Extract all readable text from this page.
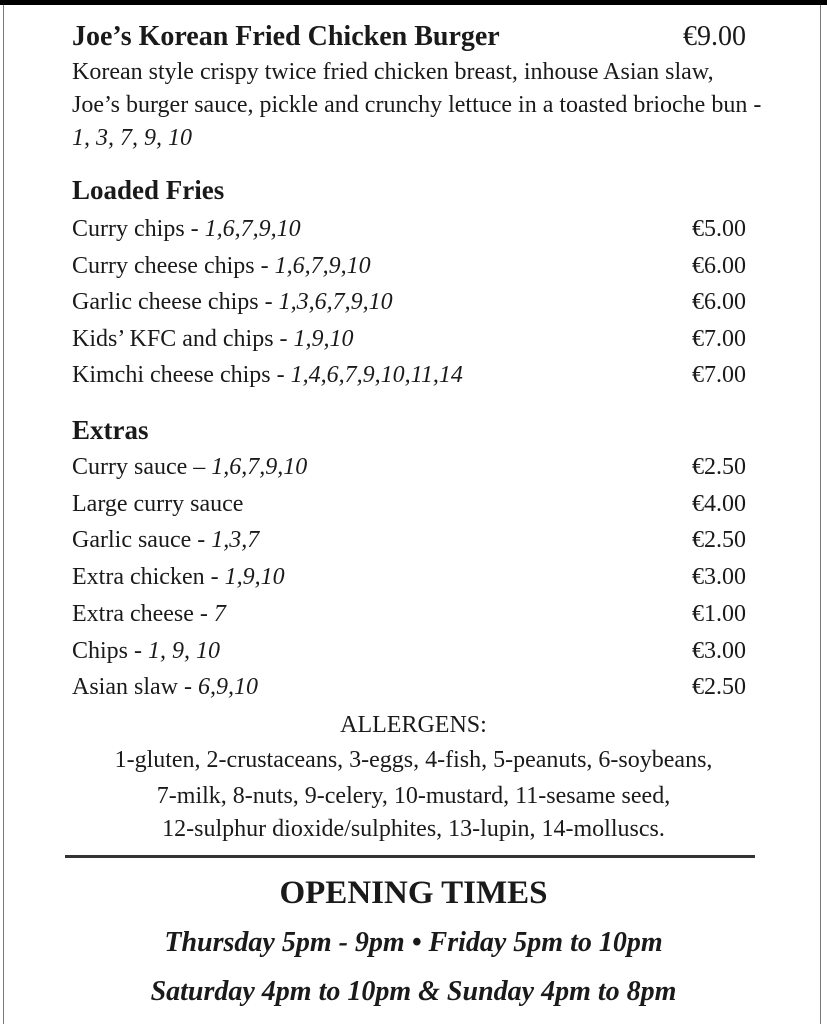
Joe’s Korean Fried Chicken Burger	€9.00
Korean style crispy twice fried chicken breast, inhouse Asian slaw, Joe’s burger sauce, pickle and crunchy lettuce in a toasted brioche bun - 1, 3, 7, 9, 10
Loaded Fries
Curry chips - 1,6,7,9,10	€5.00
Curry cheese chips - 1,6,7,9,10	€6.00
Garlic cheese chips - 1,3,6,7,9,10	€6.00
Kids’ KFC and chips - 1,9,10	€7.00
Kimchi cheese chips - 1,4,6,7,9,10,11,14	€7.00
Extras
Curry sauce – 1,6,7,9,10	€2.50
Large curry sauce	€4.00
Garlic sauce - 1,3,7	€2.50
Extra chicken - 1,9,10	€3.00
Extra cheese - 7	€1.00
Chips - 1, 9, 10	€3.00
Asian slaw - 6,9,10	€2.50
ALLERGENS:
1-gluten, 2-crustaceans, 3-eggs, 4-fish, 5-peanuts, 6-soybeans,
7-milk, 8-nuts, 9-celery, 10-mustard, 11-sesame seed,
12-sulphur dioxide/sulphites, 13-lupin, 14-molluscs.
OPENING TIMES
Thursday 5pm - 9pm • Friday 5pm to 10pm
Saturday 4pm to 10pm & Sunday 4pm to 8pm
